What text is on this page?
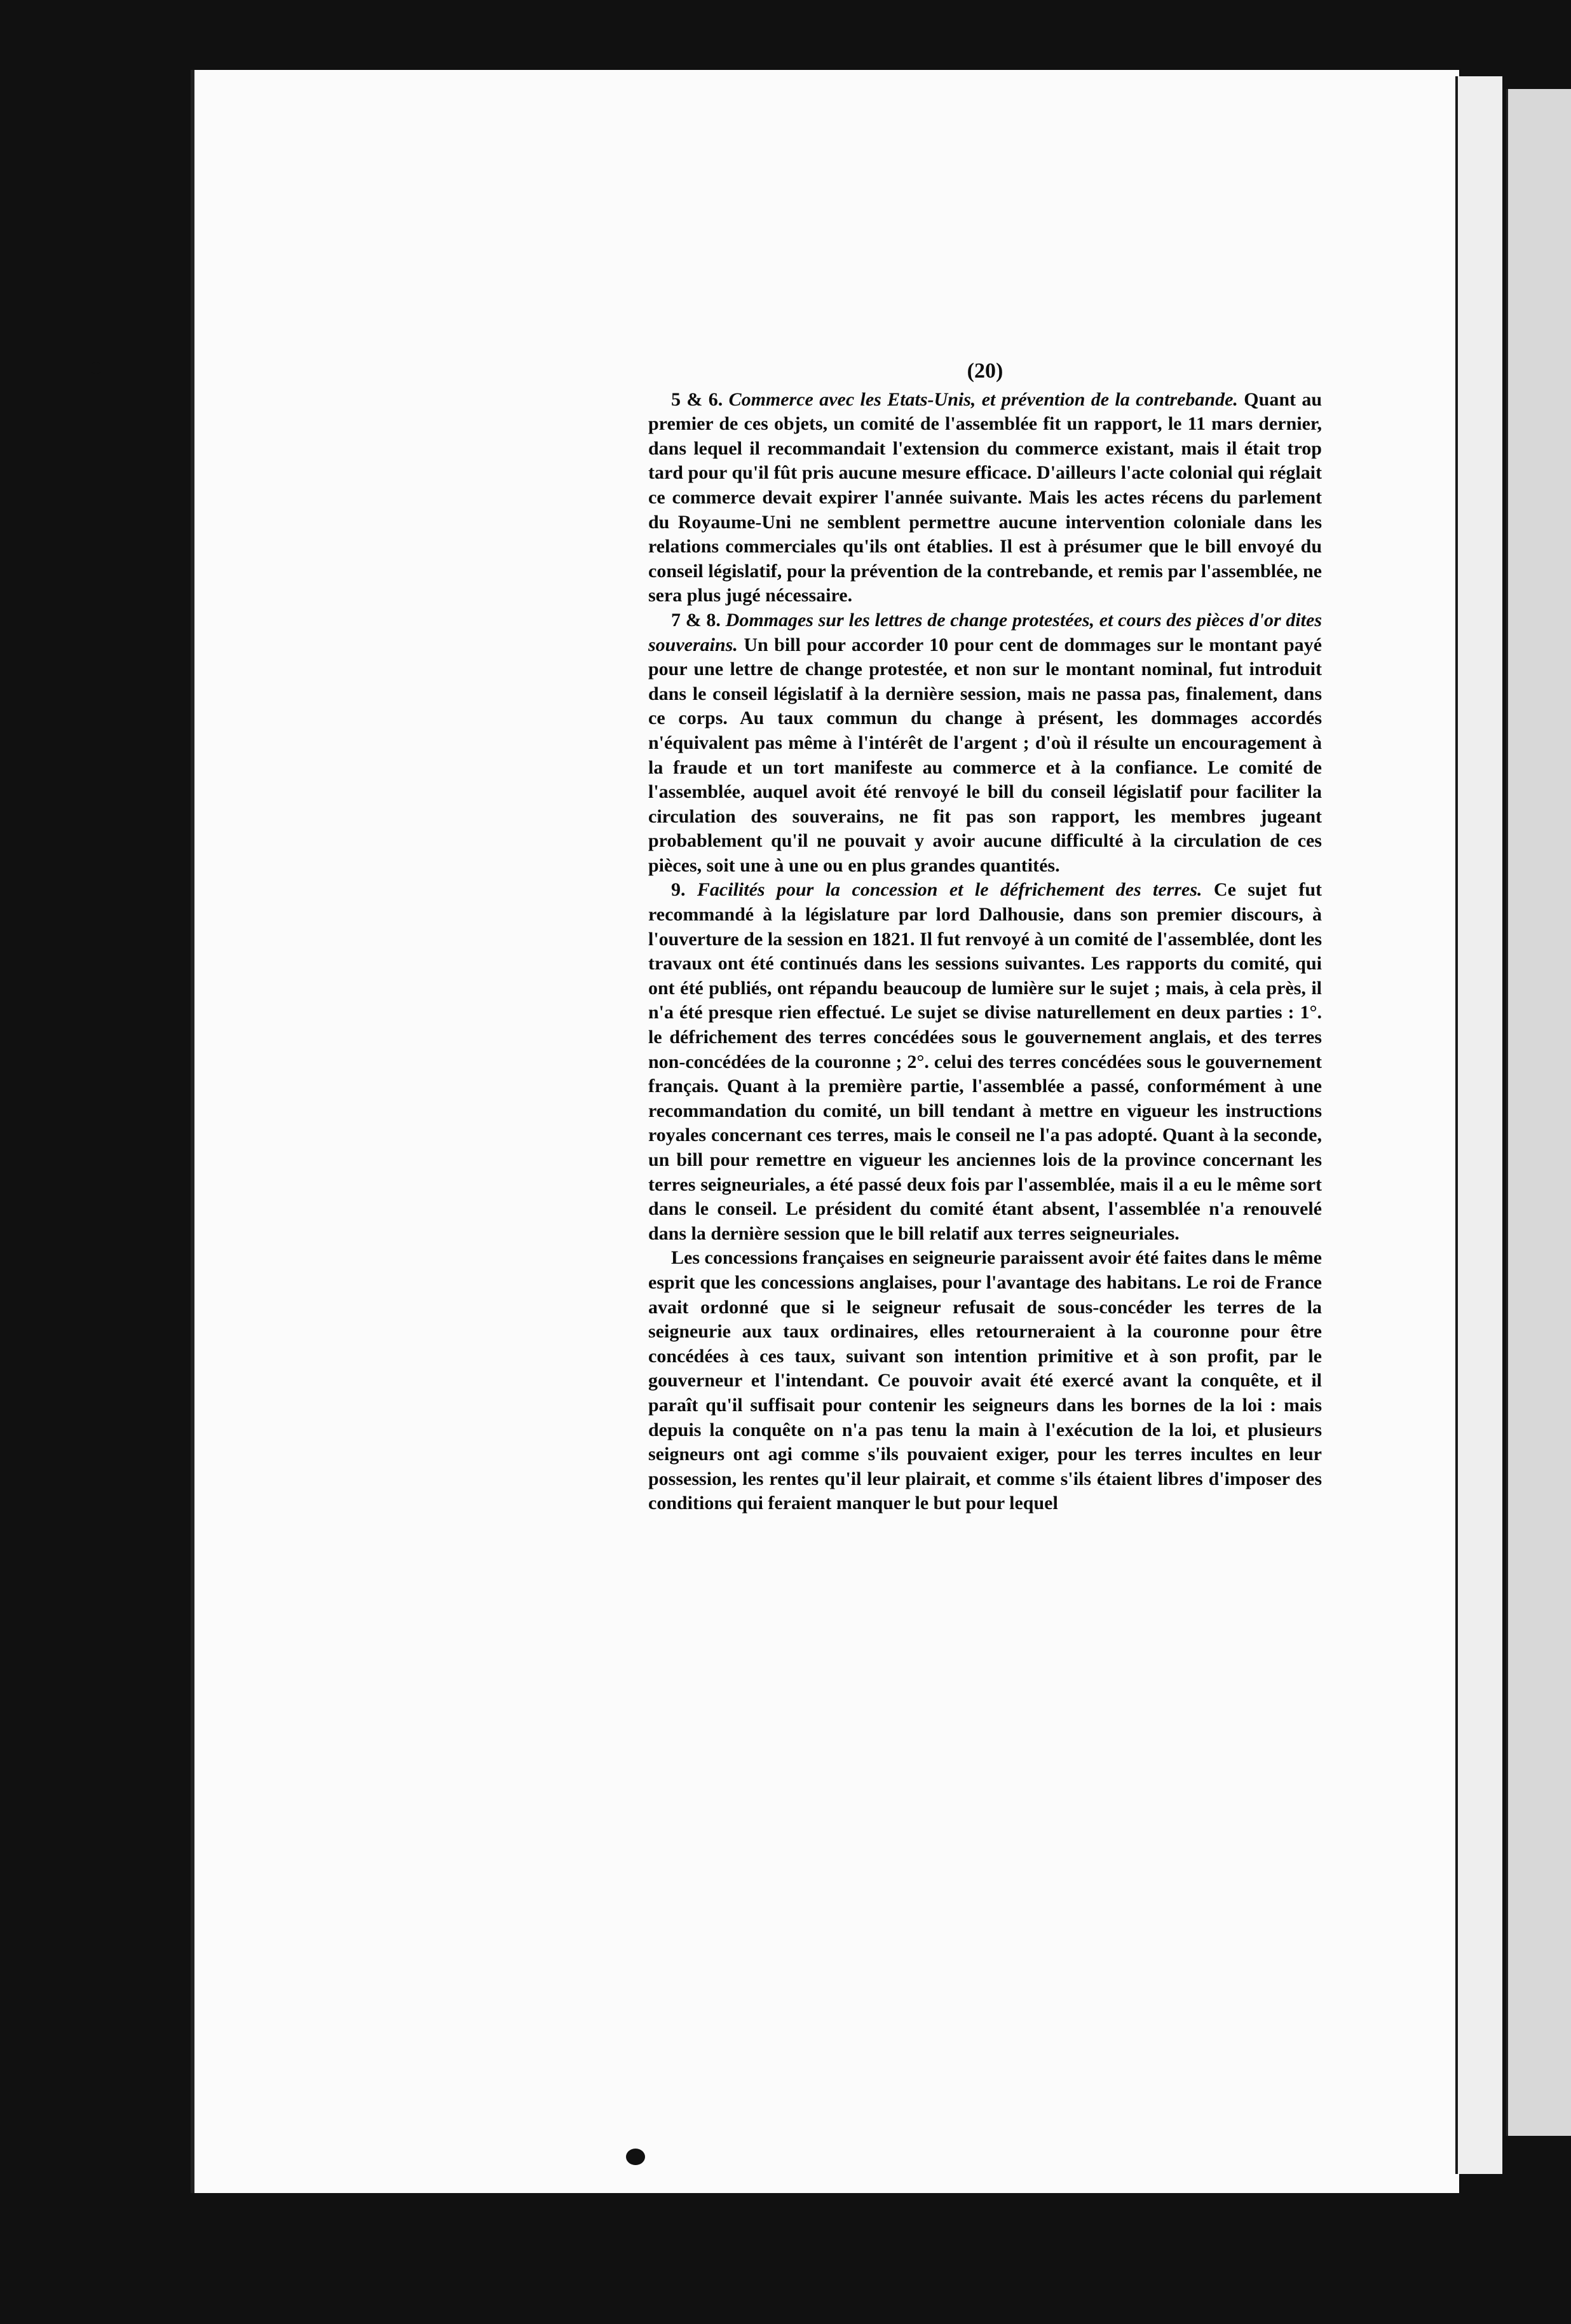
(20)

5 & 6. Commerce avec les Etats-Unis, et prévention de la contrebande. Quant au premier de ces objets, un comité de l'assemblée fit un rapport, le 11 mars dernier, dans lequel il recommandait l'extension du commerce existant, mais il était trop tard pour qu'il fût pris aucune mesure efficace. D'ailleurs l'acte colonial qui réglait ce commerce devait expirer l'année suivante. Mais les actes récens du parlement du Royaume-Uni ne semblent permettre aucune intervention coloniale dans les relations commerciales qu'ils ont établies. Il est à présumer que le bill envoyé du conseil législatif, pour la prévention de la contrebande, et remis par l'assemblée, ne sera plus jugé nécessaire.

7 & 8. Dommages sur les lettres de change protestées, et cours des pièces d'or dites souverains. Un bill pour accorder 10 pour cent de dommages sur le montant payé pour une lettre de change protestée, et non sur le montant nominal, fut introduit dans le conseil législatif à la dernière session, mais ne passa pas, finalement, dans ce corps. Au taux commun du change à présent, les dommages accordés n'équivalent pas même à l'intérêt de l'argent ; d'où il résulte un encouragement à la fraude et un tort manifeste au commerce et à la confiance. Le comité de l'assemblée, auquel avoit été renvoyé le bill du conseil législatif pour faciliter la circulation des souverains, ne fit pas son rapport, les membres jugeant probablement qu'il ne pouvait y avoir aucune difficulté à la circulation de ces pièces, soit une à une ou en plus grandes quantités.

9. Facilités pour la concession et le défrichement des terres. Ce sujet fut recommandé à la législature par lord Dalhousie, dans son premier discours, à l'ouverture de la session en 1821. Il fut renvoyé à un comité de l'assemblée, dont les travaux ont été continués dans les sessions suivantes. Les rapports du comité, qui ont été publiés, ont répandu beaucoup de lumière sur le sujet ; mais, à cela près, il n'a été presque rien effectué. Le sujet se divise naturellement en deux parties : 1°. le défrichement des terres concédées sous le gouvernement anglais, et des terres non-concédées de la couronne ; 2°. celui des terres concédées sous le gouvernement français. Quant à la première partie, l'assemblée a passé, conformément à une recommandation du comité, un bill tendant à mettre en vigueur les instructions royales concernant ces terres, mais le conseil ne l'a pas adopté. Quant à la seconde, un bill pour remettre en vigueur les anciennes lois de la province concernant les terres seigneuriales, a été passé deux fois par l'assemblée, mais il a eu le même sort dans le conseil. Le président du comité étant absent, l'assemblée n'a renouvelé dans la dernière session que le bill relatif aux terres seigneuriales.

Les concessions françaises en seigneurie paraissent avoir été faites dans le même esprit que les concessions anglaises, pour l'avantage des habitans. Le roi de France avait ordonné que si le seigneur refusait de sous-concéder les terres de la seigneurie aux taux ordinaires, elles retourneraient à la couronne pour être concédées à ces taux, suivant son intention primitive et à son profit, par le gouverneur et l'intendant. Ce pouvoir avait été exercé avant la conquête, et il paraît qu'il suffisait pour contenir les seigneurs dans les bornes de la loi : mais depuis la conquête on n'a pas tenu la main à l'exécution de la loi, et plusieurs seigneurs ont agi comme s'ils pouvaient exiger, pour les terres incultes en leur possession, les rentes qu'il leur plairait, et comme s'ils étaient libres d'imposer des conditions qui feraient manquer le but pour lequel
